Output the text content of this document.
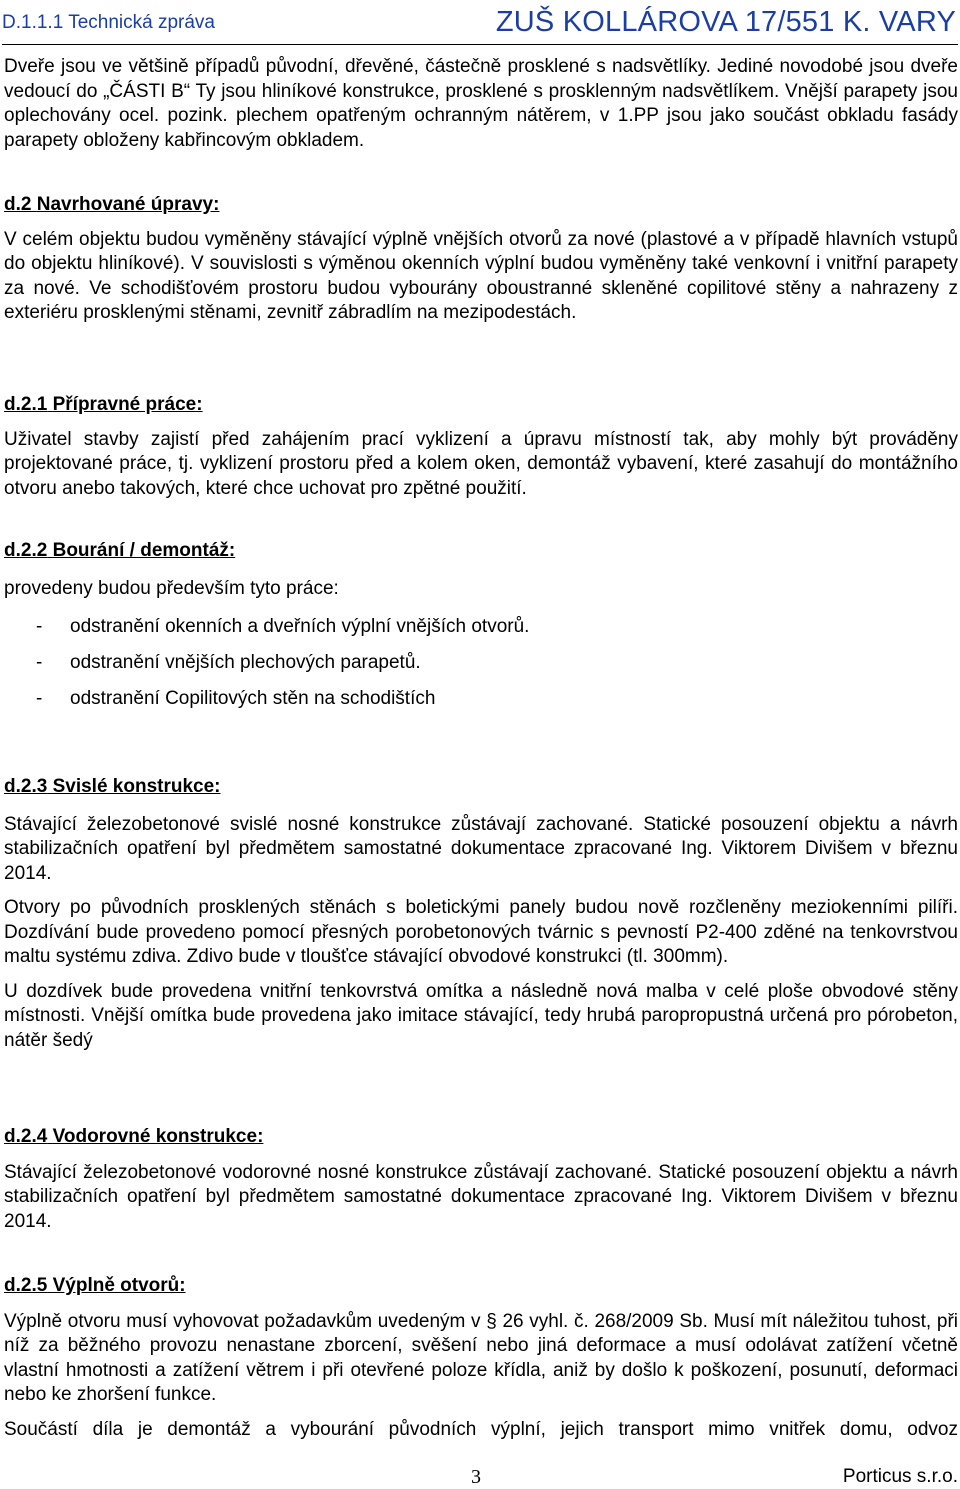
D.1.1.1 Technická zpráva	ZUŠ KOLLÁROVA 17/551 K. VARY

Dveře jsou ve většině případů původní, dřevěné, částečně prosklené s nadsvětlíky. Jediné novodobé jsou dveře vedoucí do „ČÁSTI B“ Ty jsou hliníkové konstrukce, prosklené s prosklenným nadsvětlíkem. Vnější parapety jsou oplechovány ocel. pozink. plechem opatřeným ochranným nátěrem, v 1.PP jsou jako součást obkladu fasády parapety obloženy kabřincovým obkladem.

d.2 Navrhované úpravy:

V celém objektu budou vyměněny stávající výplně vnějších otvorů za nové (plastové a v případě hlavních vstupů do objektu hliníkové). V souvislosti s výměnou okenních výplní budou vyměněny také venkovní i vnitřní parapety za nové. Ve schodišťovém prostoru budou vybourány oboustranné skleněné copilitové stěny a nahrazeny z exteriéru prosklenými stěnami, zevnitř zábradlím na mezipodestách.

d.2.1 Přípravné práce:

Uživatel stavby zajistí před zahájením prací vyklizení a úpravu místností tak, aby mohly být prováděny projektované práce, tj. vyklizení prostoru před a kolem oken, demontáž vybavení, které zasahují do montážního otvoru anebo takových, které chce uchovat pro zpětné použití.

d.2.2 Bourání / demontáž:

provedeny budou především tyto práce:

- odstranění okenních a dveřních výplní vnějších otvorů.
- odstranění vnějších plechových parapetů.
- odstranění Copilitových stěn na schodištích
d.2.3 Svislé konstrukce:

Stávající železobetonové svislé nosné konstrukce zůstávají zachované. Statické posouzení objektu a návrh stabilizačních opatření byl předmětem samostatné dokumentace zpracované Ing. Viktorem Divišem v březnu 2014.

Otvory po původních prosklených stěnách s boletickými panely budou nově rozčleněny meziokenními pilíři. Dozdívání bude provedeno pomocí přesných porobetonových tvárnic s pevností P2-400 zděné na tenkovrstvou maltu systému zdiva. Zdivo bude v tloušťce stávající obvodové konstrukci (tl. 300mm).

U dozdívek bude provedena vnitřní tenkovrstvá omítka a následně nová malba v celé ploše obvodové stěny místnosti. Vnější omítka bude provedena jako imitace stávající, tedy hrubá paropropustná určená pro pórobeton, nátěr šedý

d.2.4 Vodorovné konstrukce:

Stávající železobetonové vodorovné nosné konstrukce zůstávají zachované. Statické posouzení objektu a návrh stabilizačních opatření byl předmětem samostatné dokumentace zpracované Ing. Viktorem Divišem v březnu 2014.

d.2.5 Výplně otvorů:

Výplně otvoru musí vyhovovat požadavkům uvedeným v § 26 vyhl. č. 268/2009 Sb. Musí mít náležitou tuhost, při níž za běžného provozu nenastane zborcení, svěšení nebo jiná deformace a musí odolávat zatížení včetně vlastní hmotnosti a zatížení větrem i při otevřené poloze křídla, aniž by došlo k poškození, posunutí, deformaci nebo ke zhoršení funkce.

Součástí díla je demontáž a vybourání původních výplní, jejich transport mimo vnitřek domu, odvoz

3	Porticus s.r.o.
